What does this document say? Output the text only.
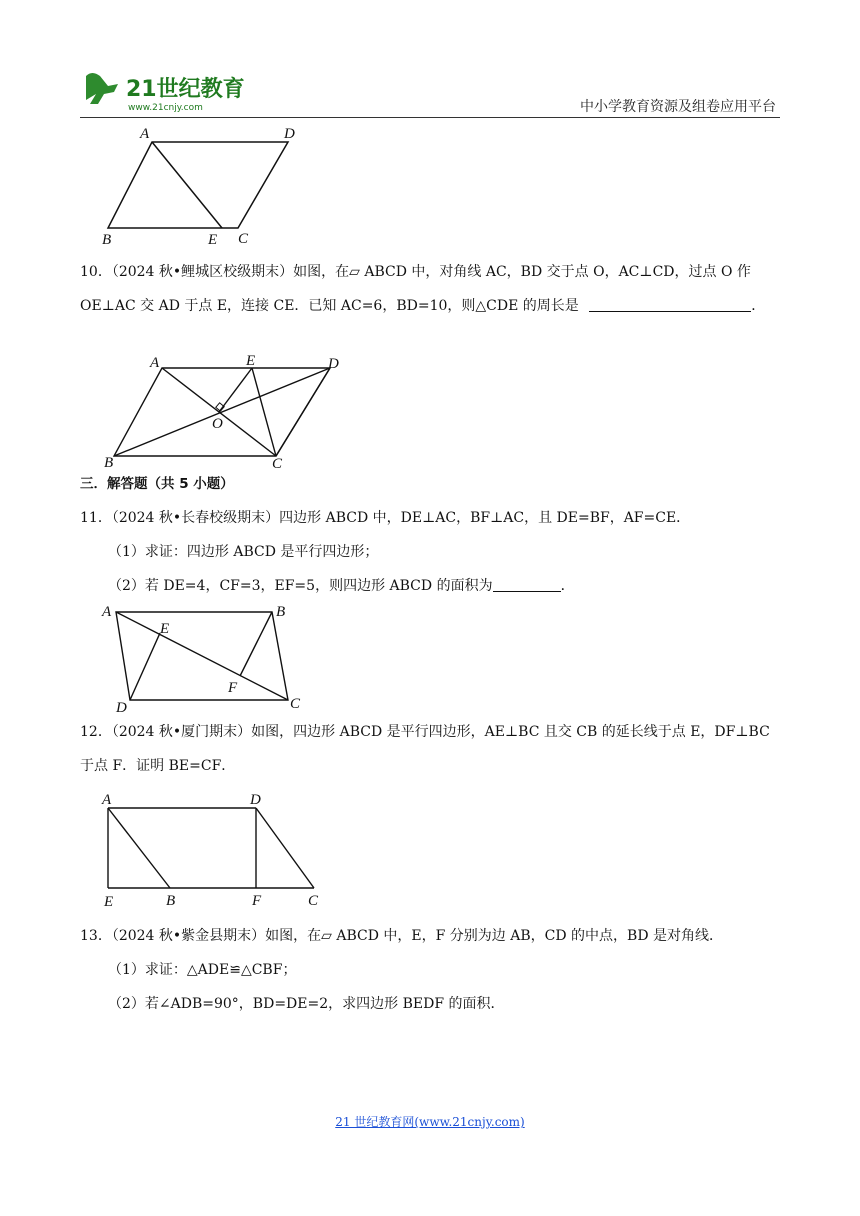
21世纪教育
www.21cnjy.com	中小学教育资源及组卷应用平台
A	D
B	E C
10．（2024 秋•鲤城区校级期末）如图，在▱ ABCD 中，对角线 AC，BD 交于点 O，AC⊥CD，过点 O 作
OE⊥AC 交 AD 于点 E，连接 CE．已知 AC=6，BD=10，则△CDE 的周长是	．
A	E	D
O
B	C
三．解答题（共 5 小题）
11．（2024 秋•长春校级期末）四边形 ABCD 中，DE⊥AC，BF⊥AC，且 DE=BF，AF=CE．
（1）求证：四边形 ABCD 是平行四边形；
（2）若 DE=4，CF=3，EF=5，则四边形 ABCD 的面积为	．
A	B
E
F
D	C
12．（2024 秋•厦门期末）如图，四边形 ABCD 是平行四边形，AE⊥BC 且交 CB 的延长线于点 E，DF⊥BC
于点 F．证明 BE=CF．
A	D
E	B	F	C
13．（2024 秋•紫金县期末）如图，在▱ ABCD 中，E，F 分别为边 AB，CD 的中点，BD 是对角线．
（1）求证：△ADE≌△CBF；
（2）若∠ADB=90°，BD=DE=2，求四边形 BEDF 的面积．
21 世纪教育网(www.21cnjy.com)
